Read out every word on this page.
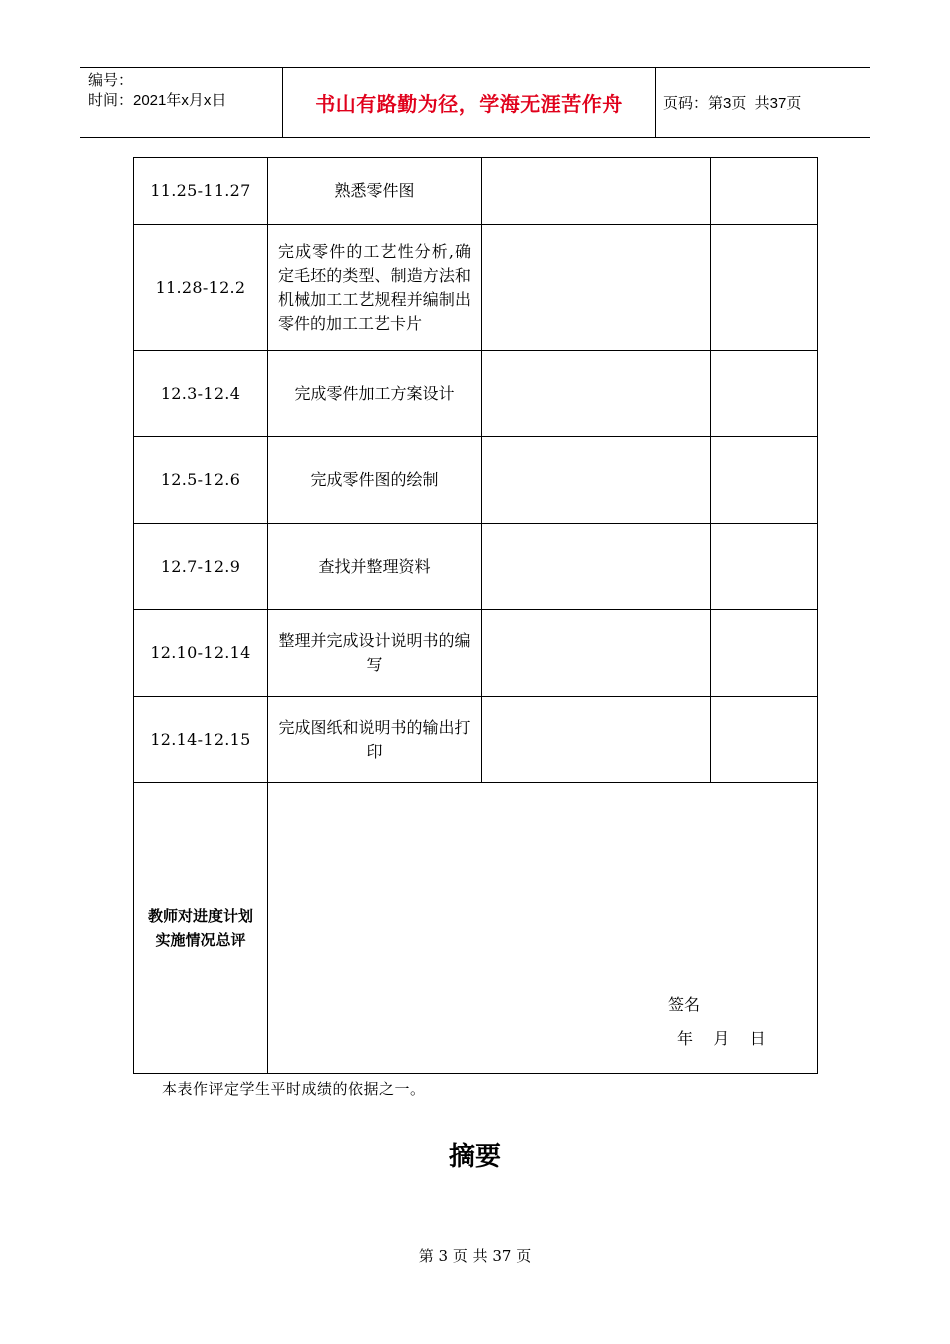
编号：
时间：2021年x月x日	书山有路勤为径，学海无涯苦作舟	页码：第3页  共37页
11.25-11.27	熟悉零件图		
11.28-12.2	完成零件的工艺性分析,确定毛坯的类型、制造方法和机械加工工艺规程并编制出零件的加工工艺卡片		
12.3-12.4	完成零件加工方案设计		
12.5-12.6	完成零件图的绘制		
12.7-12.9	查找并整理资料		
12.10-12.14	整理并完成设计说明书的编写		
12.14-12.15	完成图纸和说明书的输出打印		
教师对进度计划实施情况总评	签名
年    月    日		
本表作评定学生平时成绩的依据之一。
摘要
第 3 页 共 37 页
